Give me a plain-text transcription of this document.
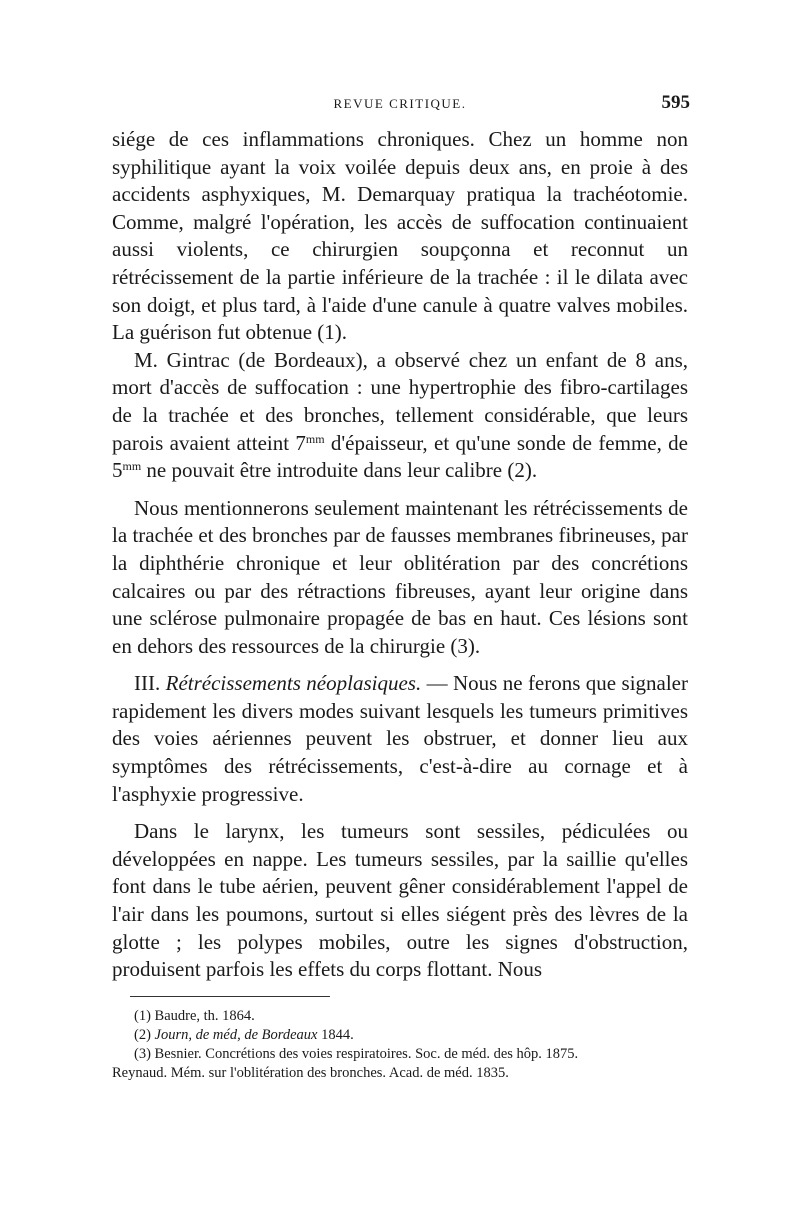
REVUE CRITIQUE.	595

siége de ces inflammations chroniques. Chez un homme non syphilitique ayant la voix voilée depuis deux ans, en proie à des accidents asphyxiques, M. Demarquay pratiqua la trachéotomie. Comme, malgré l'opération, les accès de suffocation continuaient aussi violents, ce chirurgien soupçonna et reconnut un rétrécissement de la partie inférieure de la trachée : il le dilata avec son doigt, et plus tard, à l'aide d'une canule à quatre valves mobiles. La guérison fut obtenue (1).

M. Gintrac (de Bordeaux), a observé chez un enfant de 8 ans, mort d'accès de suffocation : une hypertrophie des fibro-cartilages de la trachée et des bronches, tellement considérable, que leurs parois avaient atteint $7^{mm}$ d'épaisseur, et qu'une sonde de femme, de $5^{mm}$ ne pouvait être introduite dans leur calibre (2).

Nous mentionnerons seulement maintenant les rétrécissements de la trachée et des bronches par de fausses membranes fibrineuses, par la diphthérie chronique et leur oblitération par des concrétions calcaires ou par des rétractions fibreuses, ayant leur origine dans une sclérose pulmonaire propagée de bas en haut. Ces lésions sont en dehors des ressources de la chirurgie (3).

III. Rétrécissements néoplasiques. — Nous ne ferons que signaler rapidement les divers modes suivant lesquels les tumeurs primitives des voies aériennes peuvent les obstruer, et donner lieu aux symptômes des rétrécissements, c'est-à-dire au cornage et à l'asphyxie progressive.

Dans le larynx, les tumeurs sont sessiles, pédiculées ou développées en nappe. Les tumeurs sessiles, par la saillie qu'elles font dans le tube aérien, peuvent gêner considérablement l'appel de l'air dans les poumons, surtout si elles siégent près des lèvres de la glotte ; les polypes mobiles, outre les signes d'obstruction, produisent parfois les effets du corps flottant. Nous

(1) Baudre, th. 1864.

(2) Journ, de méd, de Bordeaux 1844.

(3) Besnier. Concrétions des voies respiratoires. Soc. de méd. des hôp. 1875.

Reynaud. Mém. sur l'oblitération des bronches. Acad. de méd. 1835.
